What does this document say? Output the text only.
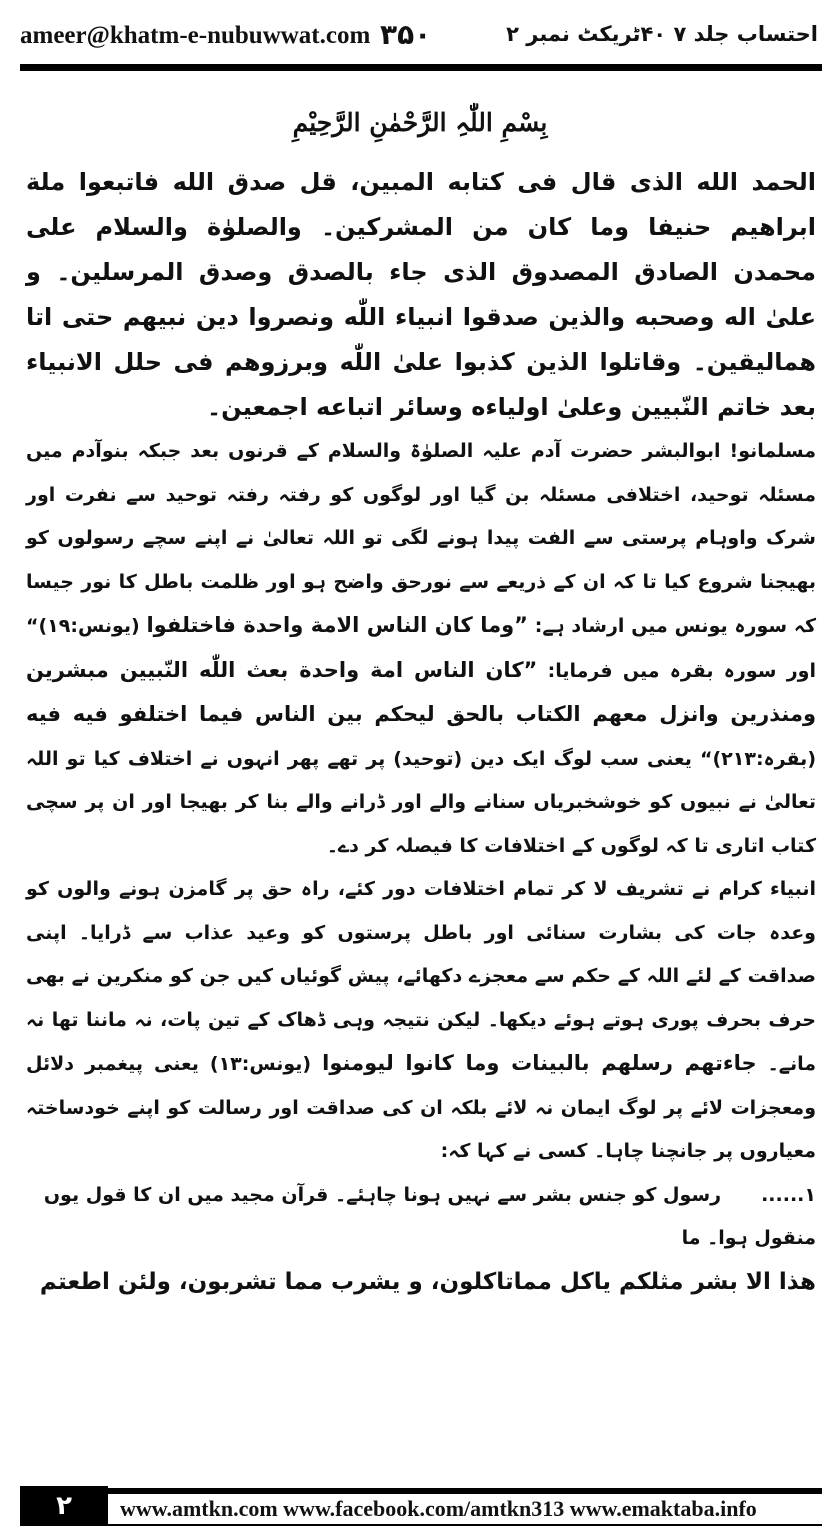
ameer@khatm-e-nubuwwat.com ۳۵۰	احتساب جلد ۷ ۴۰ٹریکٹ نمبر ۲
بِسْمِ اللّٰہِ الرَّحْمٰنِ الرَّحِیْمِ

الحمد الله الذى قال فى كتابه المبين، قل صدق الله فاتبعوا ملة ابراهيم حنيفا وما كان من المشركين۔ والصلوٰة والسلام على محمدن الصادق المصدوق الذى جاء بالصدق وصدق المرسلين۔ و علىٰ اله وصحبه والذين صدقوا انبياء اللّٰه ونصروا دين نبيهم حتى اتا هماليقين۔ وقاتلوا الذين كذبوا علىٰ اللّٰه وبرزوهم فى حلل الانبياء بعد خاتم النّبيين وعلىٰ اولياءه وسائر اتباعه اجمعين۔

مسلمانو! ابوالبشر حضرت آدم علیہ الصلوٰۃ والسلام کے قرنوں بعد جبکہ بنوآدم میں مسئلہ توحید، اختلافی مسئلہ بن گیا اور لوگوں کو رفتہ رفتہ توحید سے نفرت اور شرک واوہام پرستی سے الفت پیدا ہونے لگی تو اللہ تعالیٰ نے اپنے سچے رسولوں کو بھیجنا شروع کیا تا کہ ان کے ذریعے سے نورحق واضح ہو اور ظلمت باطل کا نور جیسا کہ سورہ یونس میں ارشاد ہے: ”وما كان الناس الامة واحدة فاختلفوا (یونس:۱۹)“ اور سورہ بقرہ میں فرمایا: ”كان الناس امة واحدة بعث اللّٰه النّبيين مبشرين ومنذرين وانزل معهم الكتاب بالحق ليحكم بين الناس فيما اختلفو فيه فيه (بقرہ:۲۱۳)“ یعنی سب لوگ ایک دین (توحید) پر تھے پھر انہوں نے اختلاف کیا تو اللہ تعالیٰ نے نبیوں کو خوشخبریاں سنانے والے اور ڈرانے والے بنا کر بھیجا اور ان پر سچی کتاب اتاری تا کہ لوگوں کے اختلافات کا فیصلہ کر دے۔

انبیاء کرام نے تشریف لا کر تمام اختلافات دور کئے، راہ حق پر گامزن ہونے والوں کو وعدہ جات کی بشارت سنائی اور باطل پرستوں کو وعید عذاب سے ڈرایا۔ اپنی صداقت کے لئے اللہ کے حکم سے معجزے دکھائے، پیش گوئیاں کیں جن کو منکرین نے بھی حرف بحرف پوری ہوتے ہوئے دیکھا۔ لیکن نتیجہ وہی ڈھاک کے تین پات، نہ ماننا تھا نہ مانے۔ جاءتهم رسلهم بالبينات وما كانوا ليومنوا (یونس:۱۳) یعنی پیغمبر دلائل ومعجزات لائے پر لوگ ایمان نہ لائے بلکہ ان کی صداقت اور رسالت کو اپنے خودساختہ معیاروں پر جانچنا چاہا۔ کسی نے کہا کہ:

۱......رسول کو جنس بشر سے نہیں ہونا چاہئے۔ قرآن مجید میں ان کا قول یوں منقول ہوا۔ ما

هذا الا بشر مثلكم ياكل مماتاكلون، و يشرب مما تشربون، ولئن اطعتم

۲	www.amtkn.com www.facebook.com/amtkn313 www.emaktaba.info
